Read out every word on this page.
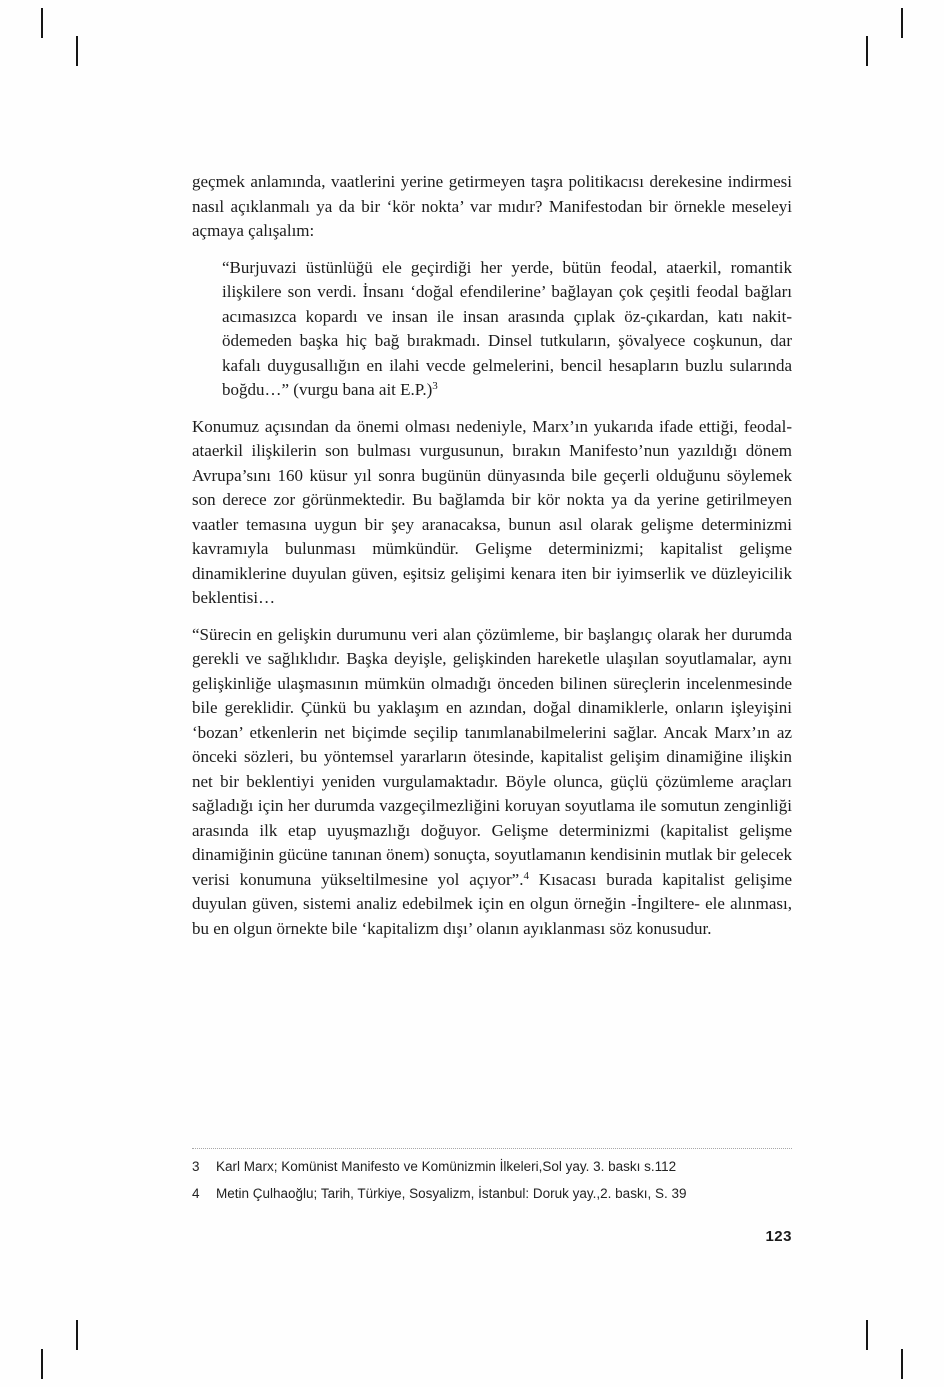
geçmek anlamında, vaatlerini yerine getirmeyen taşra politikacısı derekesine indirmesi nasıl açıklanmalı ya da bir ‘kör nokta’ var mıdır? Manifestodan bir örnekle meseleyi açmaya çalışalım:

“Burjuvazi üstünlüğü ele geçirdiği her yerde, bütün feodal, ataerkil, romantik ilişkilere son verdi. İnsanı ‘doğal efendilerine’ bağlayan çok çeşitli feodal bağları acımasızca kopardı ve insan ile insan arasında çıplak öz-çıkardan, katı nakit-ödemeden başka hiç bağ bırakmadı. Dinsel tutkuların, şövalyece coşkunun, dar kafalı duygusallığın en ilahi vecde gelmelerini, bencil hesapların buzlu sularında boğdu…” (vurgu bana ait E.P.)$^3$

Konumuz açısından da önemi olması nedeniyle, Marx’ın yukarıda ifade ettiği, feodal-ataerkil ilişkilerin son bulması vurgusunun, bırakın Manifesto’nun yazıldığı dönem Avrupa’sını 160 küsur yıl sonra bugünün dünyasında bile geçerli olduğunu söylemek son derece zor görünmektedir. Bu bağlamda bir kör nokta ya da yerine getirilmeyen vaatler temasına uygun bir şey aranacaksa, bunun asıl olarak gelişme determinizmi kavramıyla bulunması mümkündür. Gelişme determinizmi; kapitalist gelişme dinamiklerine duyulan güven, eşitsiz gelişimi kenara iten bir iyimserlik ve düzleyicilik beklentisi…

“Sürecin en gelişkin durumunu veri alan çözümleme, bir başlangıç olarak her durumda gerekli ve sağlıklıdır. Başka deyişle, gelişkinden hareketle ulaşılan soyutlamalar, aynı gelişkinliğe ulaşmasının mümkün olmadığı önceden bilinen süreçlerin incelenmesinde bile gereklidir. Çünkü bu yaklaşım en azından, doğal dinamiklerle, onların işleyişini ‘bozan’ etkenlerin net biçimde seçilip tanımlanabilmelerini sağlar. Ancak Marx’ın az önceki sözleri, bu yöntemsel yararların ötesinde, kapitalist gelişim dinamiğine ilişkin net bir beklentiyi yeniden vurgulamaktadır. Böyle olunca, güçlü çözümleme araçları sağladığı için her durumda vazgeçilmezliğini koruyan soyutlama ile somutun zenginliği arasında ilk etap uyuşmazlığı doğuyor. Gelişme determinizmi (kapitalist gelişme dinamiğinin gücüne tanınan önem) sonuçta, soyutlamanın kendisinin mutlak bir gelecek verisi konumuna yükseltilmesine yol açıyor”.$^4$ Kısacası burada kapitalist gelişime duyulan güven, sistemi analiz edebilmek için en olgun örneğin -İngiltere- ele alınması, bu en olgun örnekte bile ‘kapitalizm dışı’ olanın ayıklanması söz konusudur.

3	Karl Marx; Komünist Manifesto ve Komünizmin İlkeleri,Sol yay. 3. baskı s.112
4	Metin Çulhaoğlu; Tarih, Türkiye, Sosyalizm, İstanbul: Doruk yay.,2. baskı, S. 39
123
